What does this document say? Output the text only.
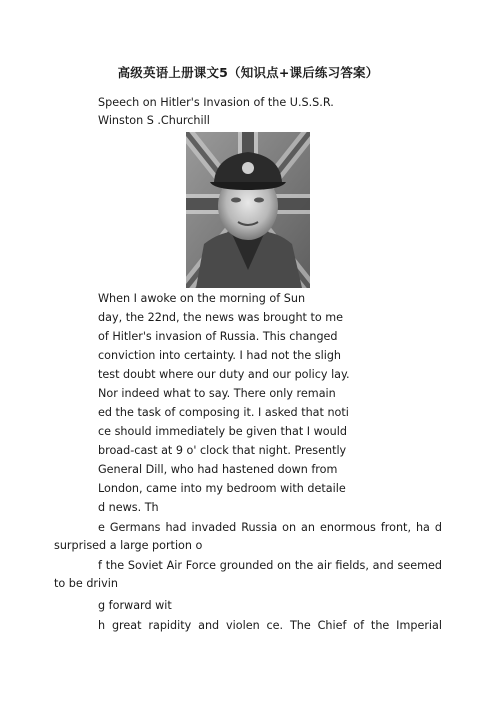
高级英语上册课文5（知识点+课后练习答案）
Speech on Hitler's Invasion of the U.S.S.R.
Winston S .Churchill
When I awoke on the morning of Sun
day, the 22nd, the news was brought to me
of Hitler's invasion of Russia. This changed
conviction into certainty. I had not the sligh
test doubt where our duty and our policy lay.
Nor indeed what to say. There only remain
ed the task of composing it. I asked that noti
ce should immediately be given that I would
broad-cast at 9 o' clock that night. Presently
General Dill, who had hastened down from
London, came into my bedroom with detaile
d news. Th
e Germans had invaded Russia on an enormous front, ha d
surprised a large portion o
f the Soviet Air Force grounded on the air fields, and seemed
to be drivin
g forward wit
h great rapidity and violen ce. The Chief of the Imperial
